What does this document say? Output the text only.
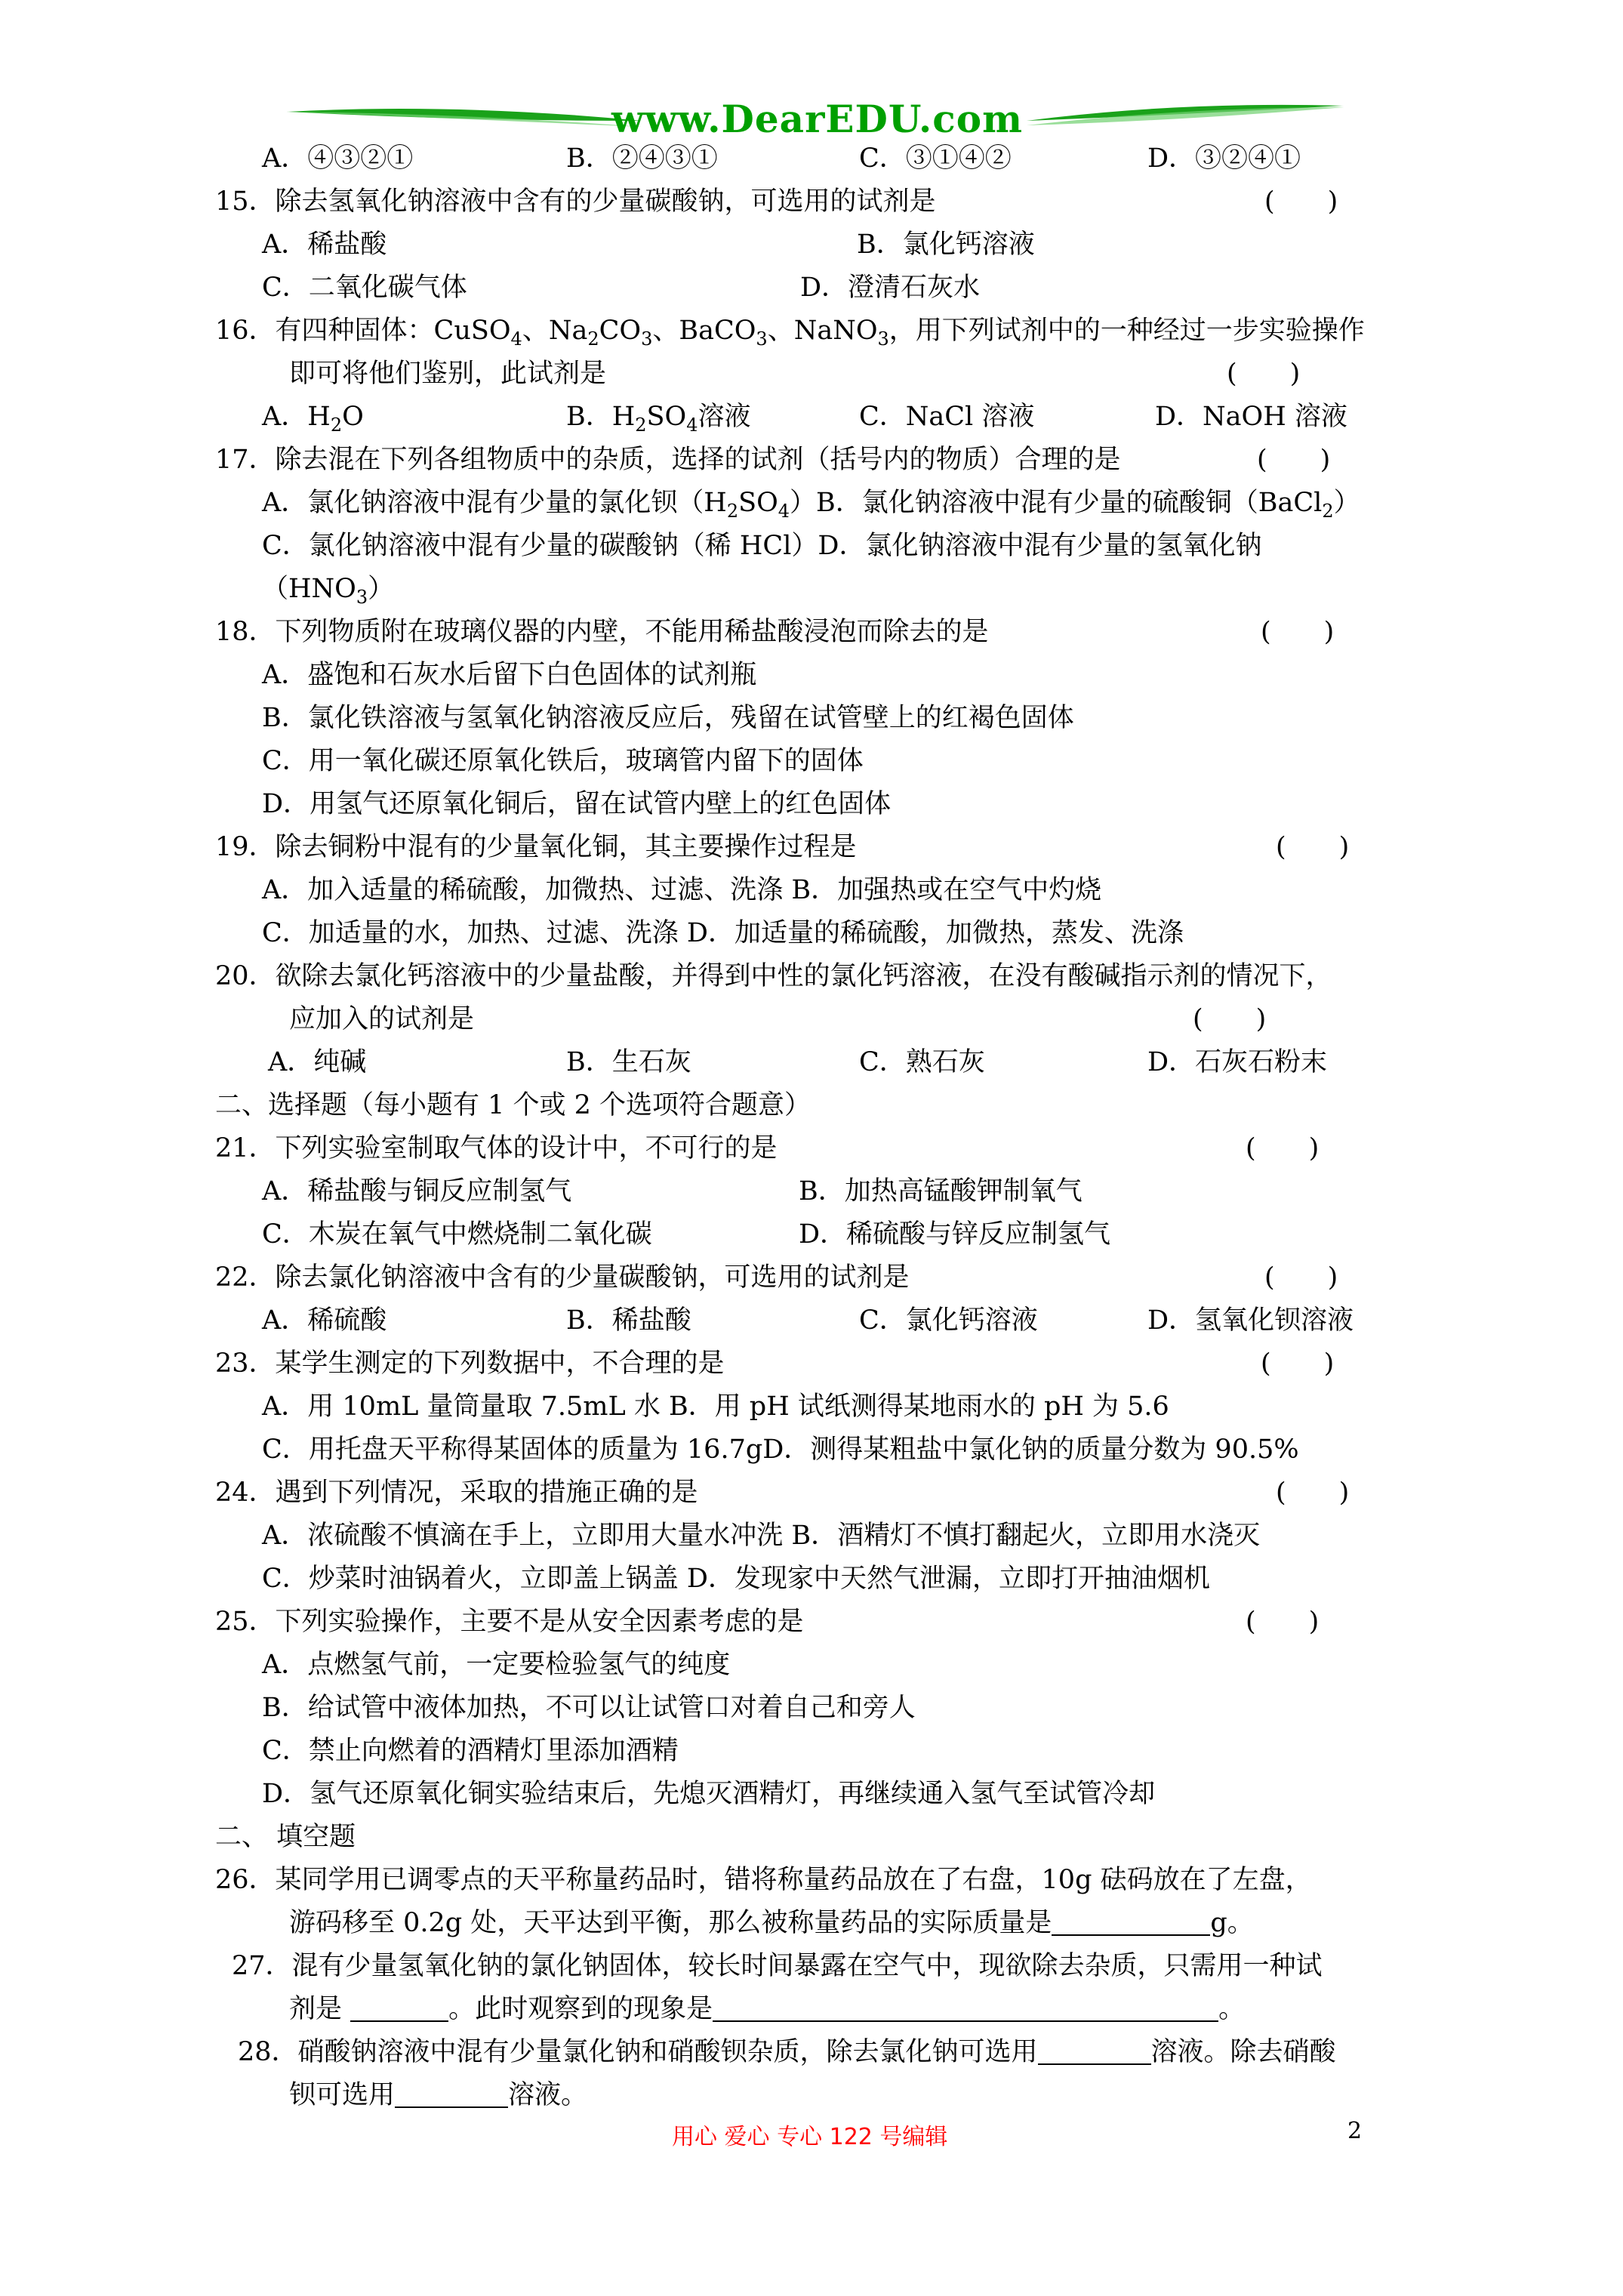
www.DearEDU.com
A．④③②①	B．②④③①	C．③①④②	D．③②④①
15．除去氢氧化钠溶液中含有的少量碳酸钠，可选用的试剂是	(　　)
A．稀盐酸	B．氯化钙溶液
C．二氧化碳气体	D．澄清石灰水
16．有四种固体：CuSO$_4$、$Na_2CO_3$、BaCO$_3$、NaNO$_3$，用下列试剂中的一种经过一步实验操作
即可将他们鉴别，此试剂是	(　　)
A．$H_2O$	B．$H_2SO_4$溶液	C．NaCl 溶液	D．NaOH 溶液
17．除去混在下列各组物质中的杂质，选择的试剂（括号内的物质）合理的是	(　　)
A．氯化钠溶液中混有少量的氯化钡$(H_2SO_4)B$．氯化钠溶液中混有少量的硫酸铜（BaCl$_2$）
C．氯化钠溶液中混有少量的碳酸钠（稀 HCl）D．氯化钠溶液中混有少量的氢氧化钠
$(HNO_3)$
18．下列物质附在玻璃仪器的内壁，不能用稀盐酸浸泡而除去的是	(　　)
A．盛饱和石灰水后留下白色固体的试剂瓶
B．氯化铁溶液与氢氧化钠溶液反应后，残留在试管壁上的红褐色固体
C．用一氧化碳还原氧化铁后，玻璃管内留下的固体
D．用氢气还原氧化铜后，留在试管内壁上的红色固体
19．除去铜粉中混有的少量氧化铜，其主要操作过程是	(　　)
A．加入适量的稀硫酸，加微热、过滤、洗涤 B．加强热或在空气中灼烧
C．加适量的水，加热、过滤、洗涤 D．加适量的稀硫酸，加微热，蒸发、洗涤
20．欲除去氯化钙溶液中的少量盐酸，并得到中性的氯化钙溶液，在没有酸碱指示剂的情况下，
应加入的试剂是	(　　)
A．纯碱	B．生石灰	C．熟石灰	D．石灰石粉末
二、选择题（每小题有 1 个或 2 个选项符合题意）
21．下列实验室制取气体的设计中，不可行的是	(　　)
A．稀盐酸与铜反应制氢气	B．加热高锰酸钾制氧气
C．木炭在氧气中燃烧制二氧化碳	D．稀硫酸与锌反应制氢气
22．除去氯化钠溶液中含有的少量碳酸钠，可选用的试剂是	(　　)
A．稀硫酸	B．稀盐酸	C．氯化钙溶液	D．氢氧化钡溶液
23．某学生测定的下列数据中，不合理的是	(　　)
A．用 10mL 量筒量取 7.5mL 水 B．用 pH 试纸测得某地雨水的 pH 为 5.6
C．用托盘天平称得某固体的质量为 16.7gD．测得某粗盐中氯化钠的质量分数为 90.5%
24．遇到下列情况，采取的措施正确的是	(　　)
A．浓硫酸不慎滴在手上，立即用大量水冲洗 B．酒精灯不慎打翻起火，立即用水浇灭
C．炒菜时油锅着火，立即盖上锅盖 D．发现家中天然气泄漏，立即打开抽油烟机
25．下列实验操作，主要不是从安全因素考虑的是	(　　)
A．点燃氢气前，一定要检验氢气的纯度
B．给试管中液体加热，不可以让试管口对着自己和旁人
C．禁止向燃着的酒精灯里添加酒精
D．氢气还原氧化铜实验结束后，先熄灭酒精灯，再继续通入氢气至试管冷却
二、 填空题
26．某同学用已调零点的天平称量药品时，错将称量药品放在了右盘，10g 砝码放在了左盘，
游码移至 0.2g 处，天平达到平衡，那么被称量药品的实际质量是	g。
27．混有少量氢氧化钠的氯化钠固体，较长时间暴露在空气中，现欲除去杂质，只需用一种试
剂是	。此时观察到的现象是	。
28．硝酸钠溶液中混有少量氯化钠和硝酸钡杂质，除去氯化钠可选用	溶液。除去硝酸
钡可选用	溶液。
用心 爱心 专心 122 号编辑	2
